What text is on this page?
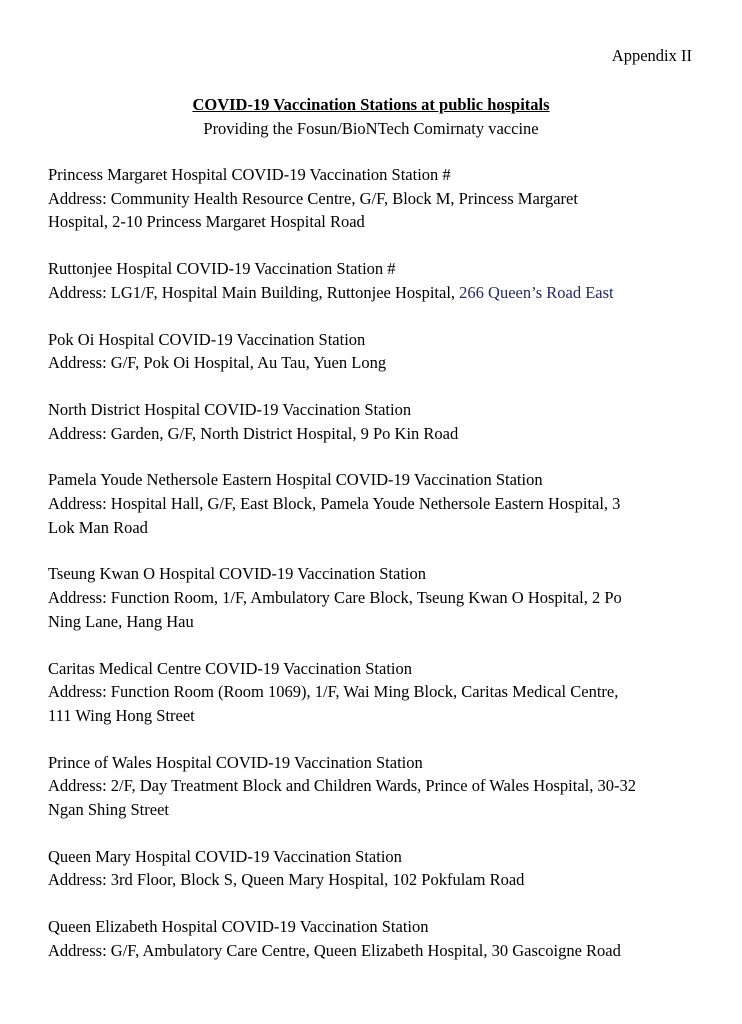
Appendix II

COVID-19 Vaccination Stations at public hospitals

Providing the Fosun/BioNTech Comirnaty vaccine

Princess Margaret Hospital COVID-19 Vaccination Station #

Address: Community Health Resource Centre, G/F, Block M, Princess Margaret
Hospital, 2-10 Princess Margaret Hospital Road

Ruttonjee Hospital COVID-19 Vaccination Station #

Address: LG1/F, Hospital Main Building, Ruttonjee Hospital, 266 Queen’s Road East

Pok Oi Hospital COVID-19 Vaccination Station

Address: G/F, Pok Oi Hospital, Au Tau, Yuen Long

North District Hospital COVID-19 Vaccination Station

Address: Garden, G/F, North District Hospital, 9 Po Kin Road

Pamela Youde Nethersole Eastern Hospital COVID-19 Vaccination Station

Address: Hospital Hall, G/F, East Block, Pamela Youde Nethersole Eastern Hospital, 3
Lok Man Road

Tseung Kwan O Hospital COVID-19 Vaccination Station

Address: Function Room, 1/F, Ambulatory Care Block, Tseung Kwan O Hospital, 2 Po
Ning Lane, Hang Hau

Caritas Medical Centre COVID-19 Vaccination Station

Address: Function Room (Room 1069), 1/F, Wai Ming Block, Caritas Medical Centre,
111 Wing Hong Street

Prince of Wales Hospital COVID-19 Vaccination Station

Address: 2/F, Day Treatment Block and Children Wards, Prince of Wales Hospital, 30-32
Ngan Shing Street

Queen Mary Hospital COVID-19 Vaccination Station

Address: 3rd Floor, Block S, Queen Mary Hospital, 102 Pokfulam Road

Queen Elizabeth Hospital COVID-19 Vaccination Station

Address: G/F, Ambulatory Care Centre, Queen Elizabeth Hospital, 30 Gascoigne Road
